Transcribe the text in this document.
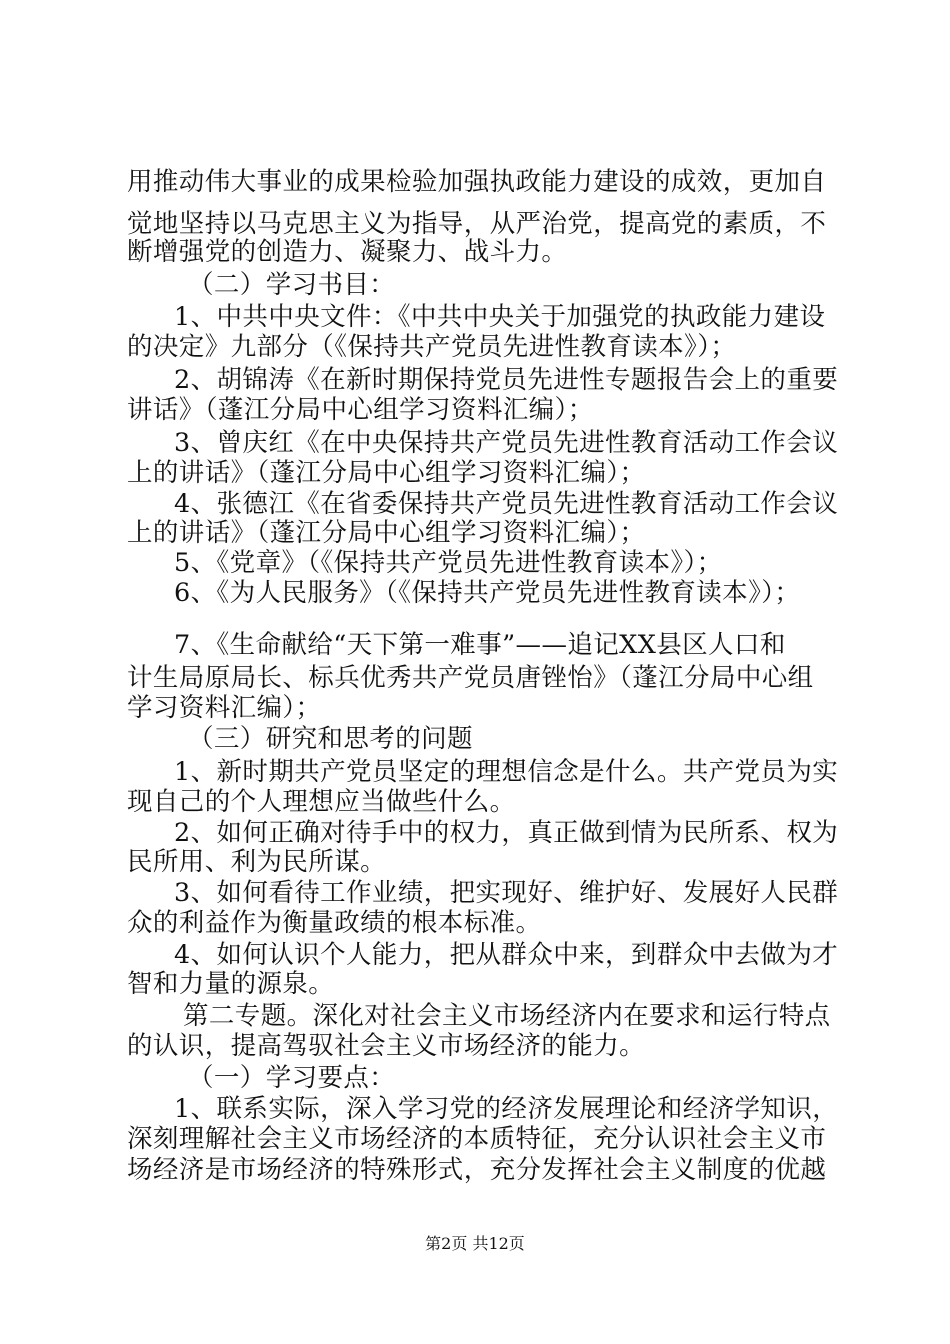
用推动伟大事业的成果检验加强执政能力建设的成效，更加自
觉地坚持以马克思主义为指导，从严治党，提高党的素质，不
断增强党的创造力、凝聚力、战斗力。
（二）学习书目：
1、中共中央文件：《中共中央关于加强党的执政能力建设
的决定》九部分（《保持共产党员先进性教育读本》）；
2、胡锦涛《在新时期保持党员先进性专题报告会上的重要
讲话》（蓬江分局中心组学习资料汇编）；
3、曾庆红《在中央保持共产党员先进性教育活动工作会议
上的讲话》（蓬江分局中心组学习资料汇编）；
4、张德江《在省委保持共产党员先进性教育活动工作会议
上的讲话》（蓬江分局中心组学习资料汇编）；
5、《党章》（《保持共产党员先进性教育读本》）；
6、《为人民服务》（《保持共产党员先进性教育读本》）；
7、《生命献给“天下第一难事”——追记XX县区人口和
计生局原局长、标兵优秀共产党员唐锉怡》（蓬江分局中心组
学习资料汇编）；
（三）研究和思考的问题
1、新时期共产党员坚定的理想信念是什么。共产党员为实
现自己的个人理想应当做些什么。
2、如何正确对待手中的权力，真正做到情为民所系、权为
民所用、利为民所谋。
3、如何看待工作业绩，把实现好、维护好、发展好人民群
众的利益作为衡量政绩的根本标准。
4、如何认识个人能力，把从群众中来，到群众中去做为才
智和力量的源泉。
第二专题。深化对社会主义市场经济内在要求和运行特点
的认识，提高驾驭社会主义市场经济的能力。
（一）学习要点：
1、联系实际，深入学习党的经济发展理论和经济学知识，
深刻理解社会主义市场经济的本质特征，充分认识社会主义市
场经济是市场经济的特殊形式，充分发挥社会主义制度的优越
第2页 共12页
